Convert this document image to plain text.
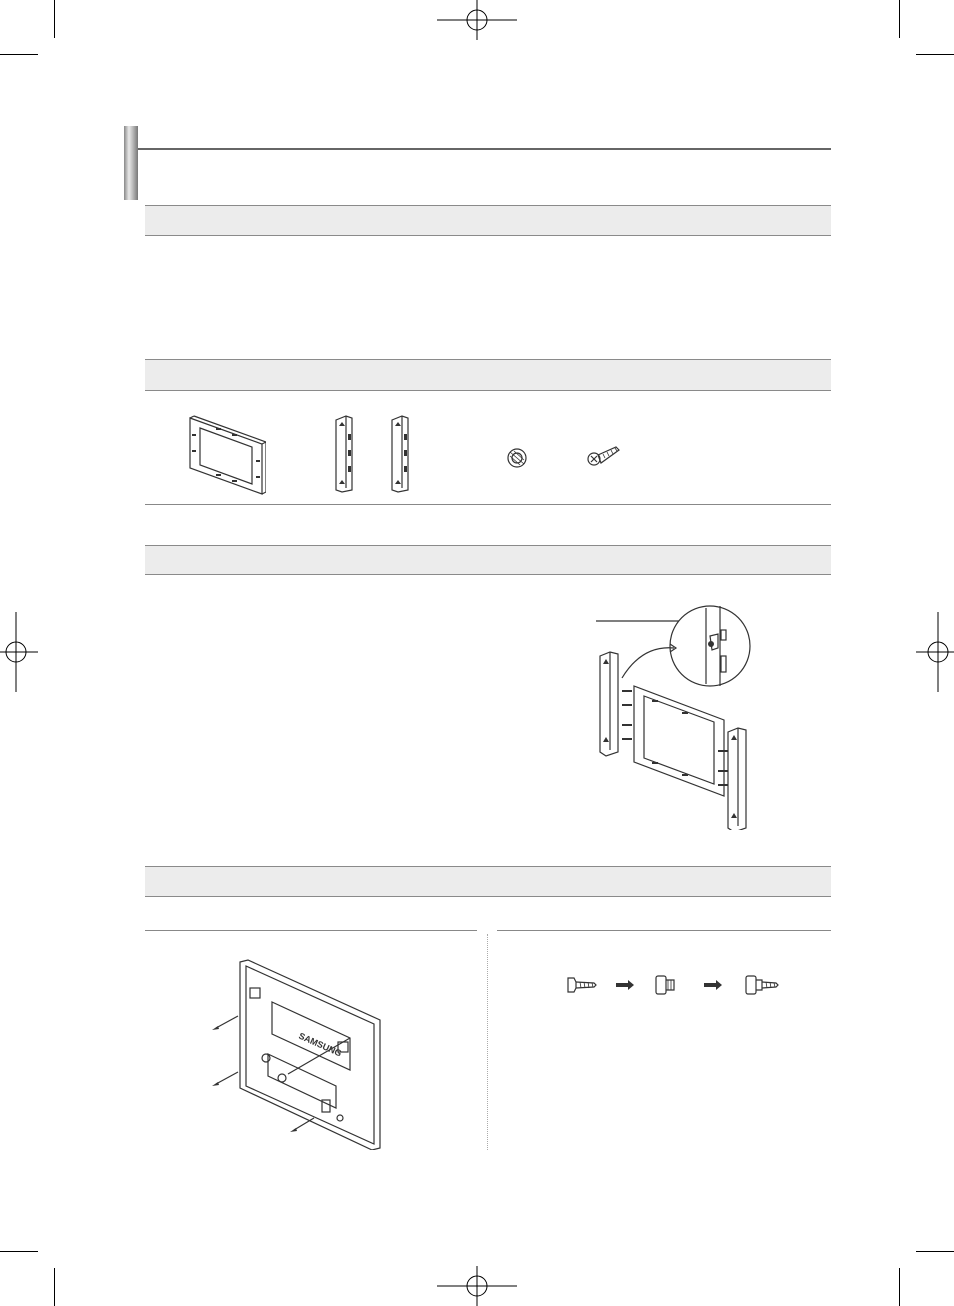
SAMSUNG
